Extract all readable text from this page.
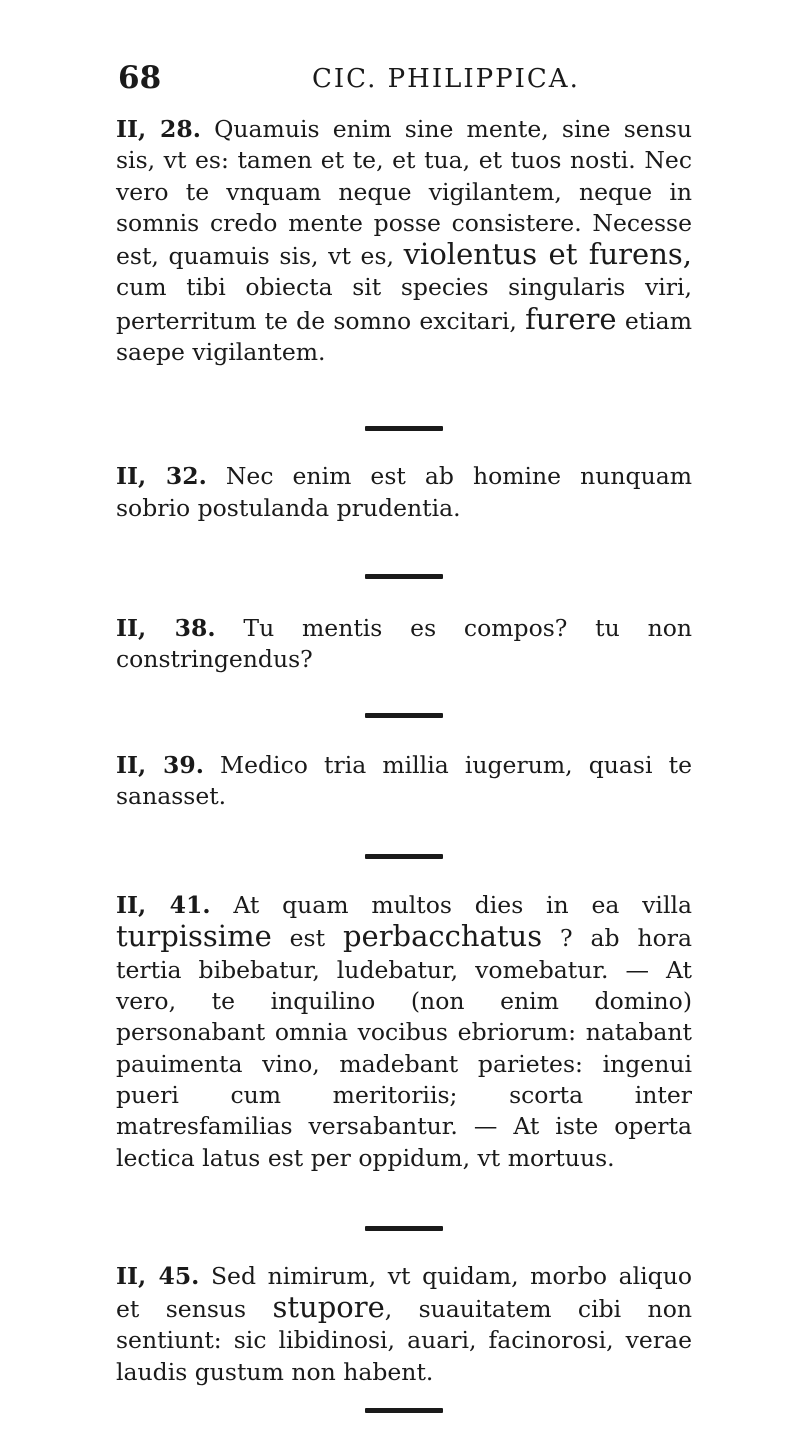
68	CIC. PHILIPPICA.

II, 28. Quamuis enim sine mente, sine sensu sis, vt es: tamen et te, et tua, et tuos nosti. Nec vero te vnquam neque vigilantem, neque in somnis credo mente posse consistere. Necesse est, quamuis sis, vt es, violentus et furens, cum tibi obiecta sit species singularis viri, perterritum te de somno excitari, furere etiam saepe vigilantem.

II, 32. Nec enim est ab homine nunquam sobrio postulanda prudentia.

II, 38. Tu mentis es compos? tu non constringendus?

II, 39. Medico tria millia iugerum, quasi te sanasset.

II, 41. At quam multos dies in ea villa turpissime est perbacchatus ? ab hora tertia bibebatur, ludebatur, vomebatur. — At vero, te inquilino (non enim domino) personabant omnia vocibus ebriorum: natabant pauimenta vino, madebant parietes: ingenui pueri cum meritoriis; scorta inter matresfamilias versabantur. — At iste operta lectica latus est per oppidum, vt mortuus.

II, 45. Sed nimirum, vt quidam, morbo aliquo et sensus stupore, suauitatem cibi non sentiunt: sic libidinosi, auari, facinorosi, verae laudis gustum non habent.
